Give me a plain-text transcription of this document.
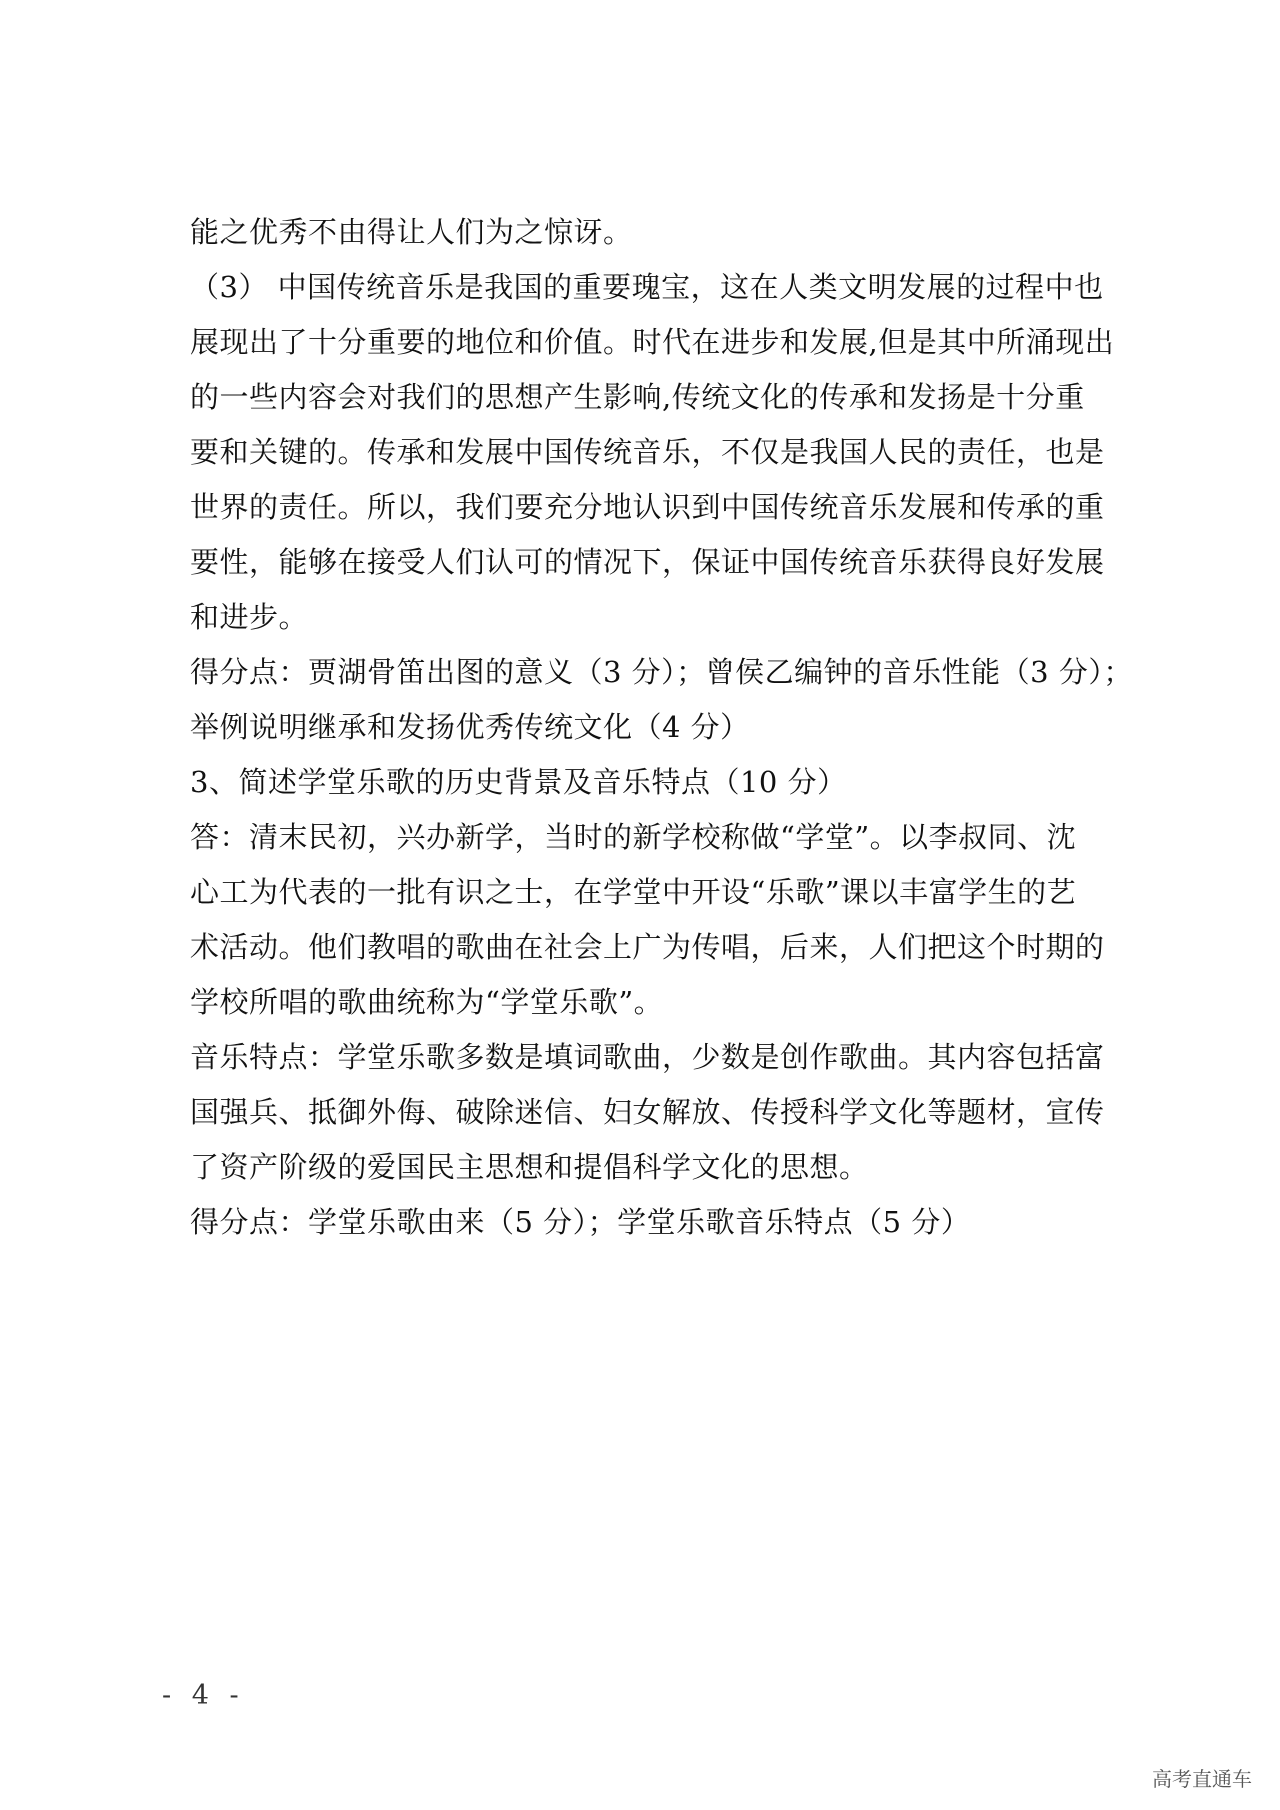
能之优秀不由得让人们为之惊讶。
（3） 中国传统音乐是我国的重要瑰宝，这在人类文明发展的过程中也
展现出了十分重要的地位和价值。时代在进步和发展,但是其中所涌现出
的一些内容会对我们的思想产生影响,传统文化的传承和发扬是十分重
要和关键的。传承和发展中国传统音乐，不仅是我国人民的责任，也是
世界的责任。所以，我们要充分地认识到中国传统音乐发展和传承的重
要性，能够在接受人们认可的情况下，保证中国传统音乐获得良好发展
和进步。
得分点：贾湖骨笛出图的意义（3 分）；曾侯乙编钟的音乐性能（3 分）；
举例说明继承和发扬优秀传统文化（4 分）
3、简述学堂乐歌的历史背景及音乐特点（10 分）
答：清末民初，兴办新学，当时的新学校称做“学堂”。以李叔同、沈
心工为代表的一批有识之士，在学堂中开设“乐歌”课以丰富学生的艺
术活动。他们教唱的歌曲在社会上广为传唱，后来，人们把这个时期的
学校所唱的歌曲统称为“学堂乐歌”。
音乐特点：学堂乐歌多数是填词歌曲，少数是创作歌曲。其内容包括富
国强兵、抵御外侮、破除迷信、妇女解放、传授科学文化等题材，宣传
了资产阶级的爱国民主思想和提倡科学文化的思想。
得分点：学堂乐歌由来（5 分）；学堂乐歌音乐特点（5 分）
- 4 -
高考直通车
